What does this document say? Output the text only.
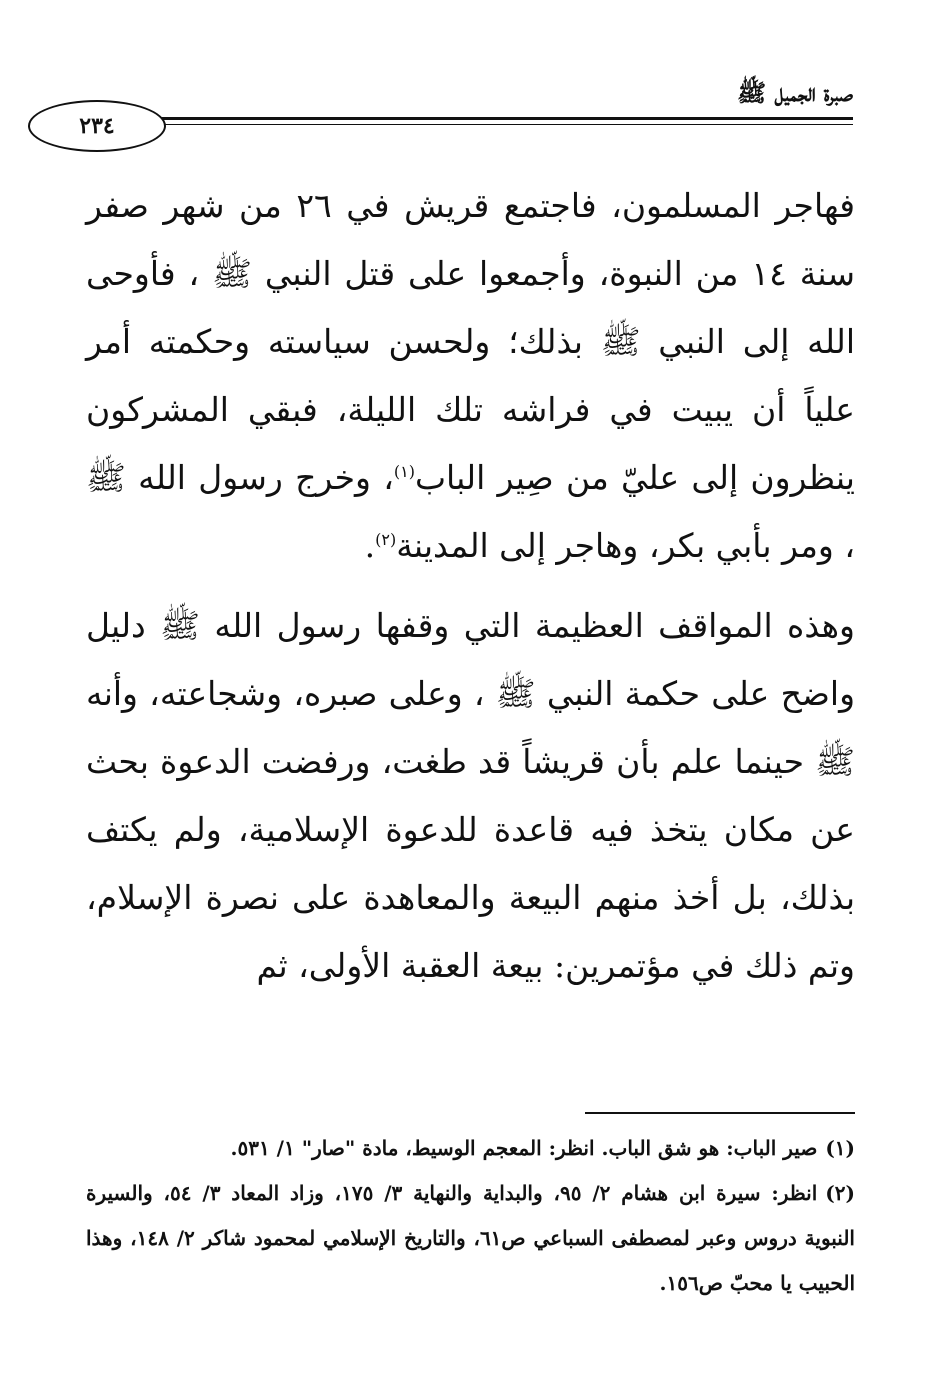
صبرة الجميل ﷺ
٢٣٤

فهاجر المسلمون، فاجتمع قريش في ٢٦ من شهر صفر سنة ١٤ من النبوة، وأجمعوا على قتل النبي ﷺ ، فأوحى الله إلى النبي ﷺ بذلك؛ ولحسن سياسته وحكمته أمر علياً أن يبيت في فراشه تلك الليلة، فبقي المشركون ينظرون إلى عليّ من صِير الباب$^{(١)}$، وخرج رسول الله ﷺ ، ومر بأبي بكر، وهاجر إلى المدينة$^{(٢)}$.

وهذه المواقف العظيمة التي وقفها رسول الله ﷺ دليل واضح على حكمة النبي ﷺ ، وعلى صبره، وشجاعته، وأنه ﷺ حينما علم بأن قريشاً قد طغت، ورفضت الدعوة بحث عن مكان يتخذ فيه قاعدة للدعوة الإسلامية، ولم يكتف بذلك، بل أخذ منهم البيعة والمعاهدة على نصرة الإسلام، وتم ذلك في مؤتمرين: بيعة العقبة الأولى، ثم

(١)صير الباب: هو شق الباب. انظر: المعجم الوسيط، مادة "صار" ١/ ٥٣١.

(٢)انظر: سيرة ابن هشام ٢/ ٩٥، والبداية والنهاية ٣/ ١٧٥، وزاد المعاد ٣/ ٥٤، والسيرة النبوية دروس وعبر لمصطفى السباعي ص٦١، والتاريخ الإسلامي لمحمود شاكر ٢/ ١٤٨، وهذا الحبيب يا محبّ ص١٥٦.
